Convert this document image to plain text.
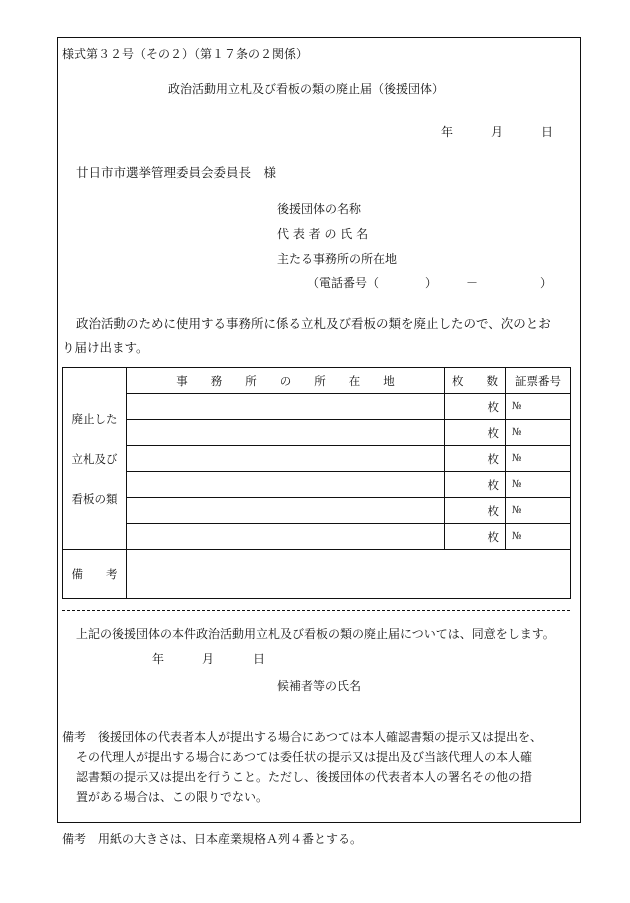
様式第３２号（その２）（第１７条の２関係）
政治活動用立札及び看板の類の廃止届（後援団体）
年	月	日
廿日市市選挙管理委員会委員長　様
後援団体の名称
代 表 者 の 氏 名
主たる事務所の所在地
（電話番号（	） －	）
政治活動のために使用する事務所に係る立札及び看板の類を廃止したので、次のとお
り届け出ます。
廃止した
立札及び
看板の類	事　　務　　所　　の　　所　　在　　地	枚　　数	証票番号
		枚	№
		枚	№
		枚	№
		枚	№
		枚	№
		枚	№
備　　考			
上記の後援団体の本件政治活動用立札及び看板の類の廃止届については、同意をします。
年	月	日
候補者等の氏名
備考 後援団体の代表者本人が提出する場合にあつては本人確認書類の提示又は提出を、
その代理人が提出する場合にあつては委任状の提示又は提出及び当該代理人の本人確
認書類の提示又は提出を行うこと。ただし、後援団体の代表者本人の署名その他の措
置がある場合は、この限りでない。
備考 用紙の大きさは、日本産業規格Ａ列４番とする。
